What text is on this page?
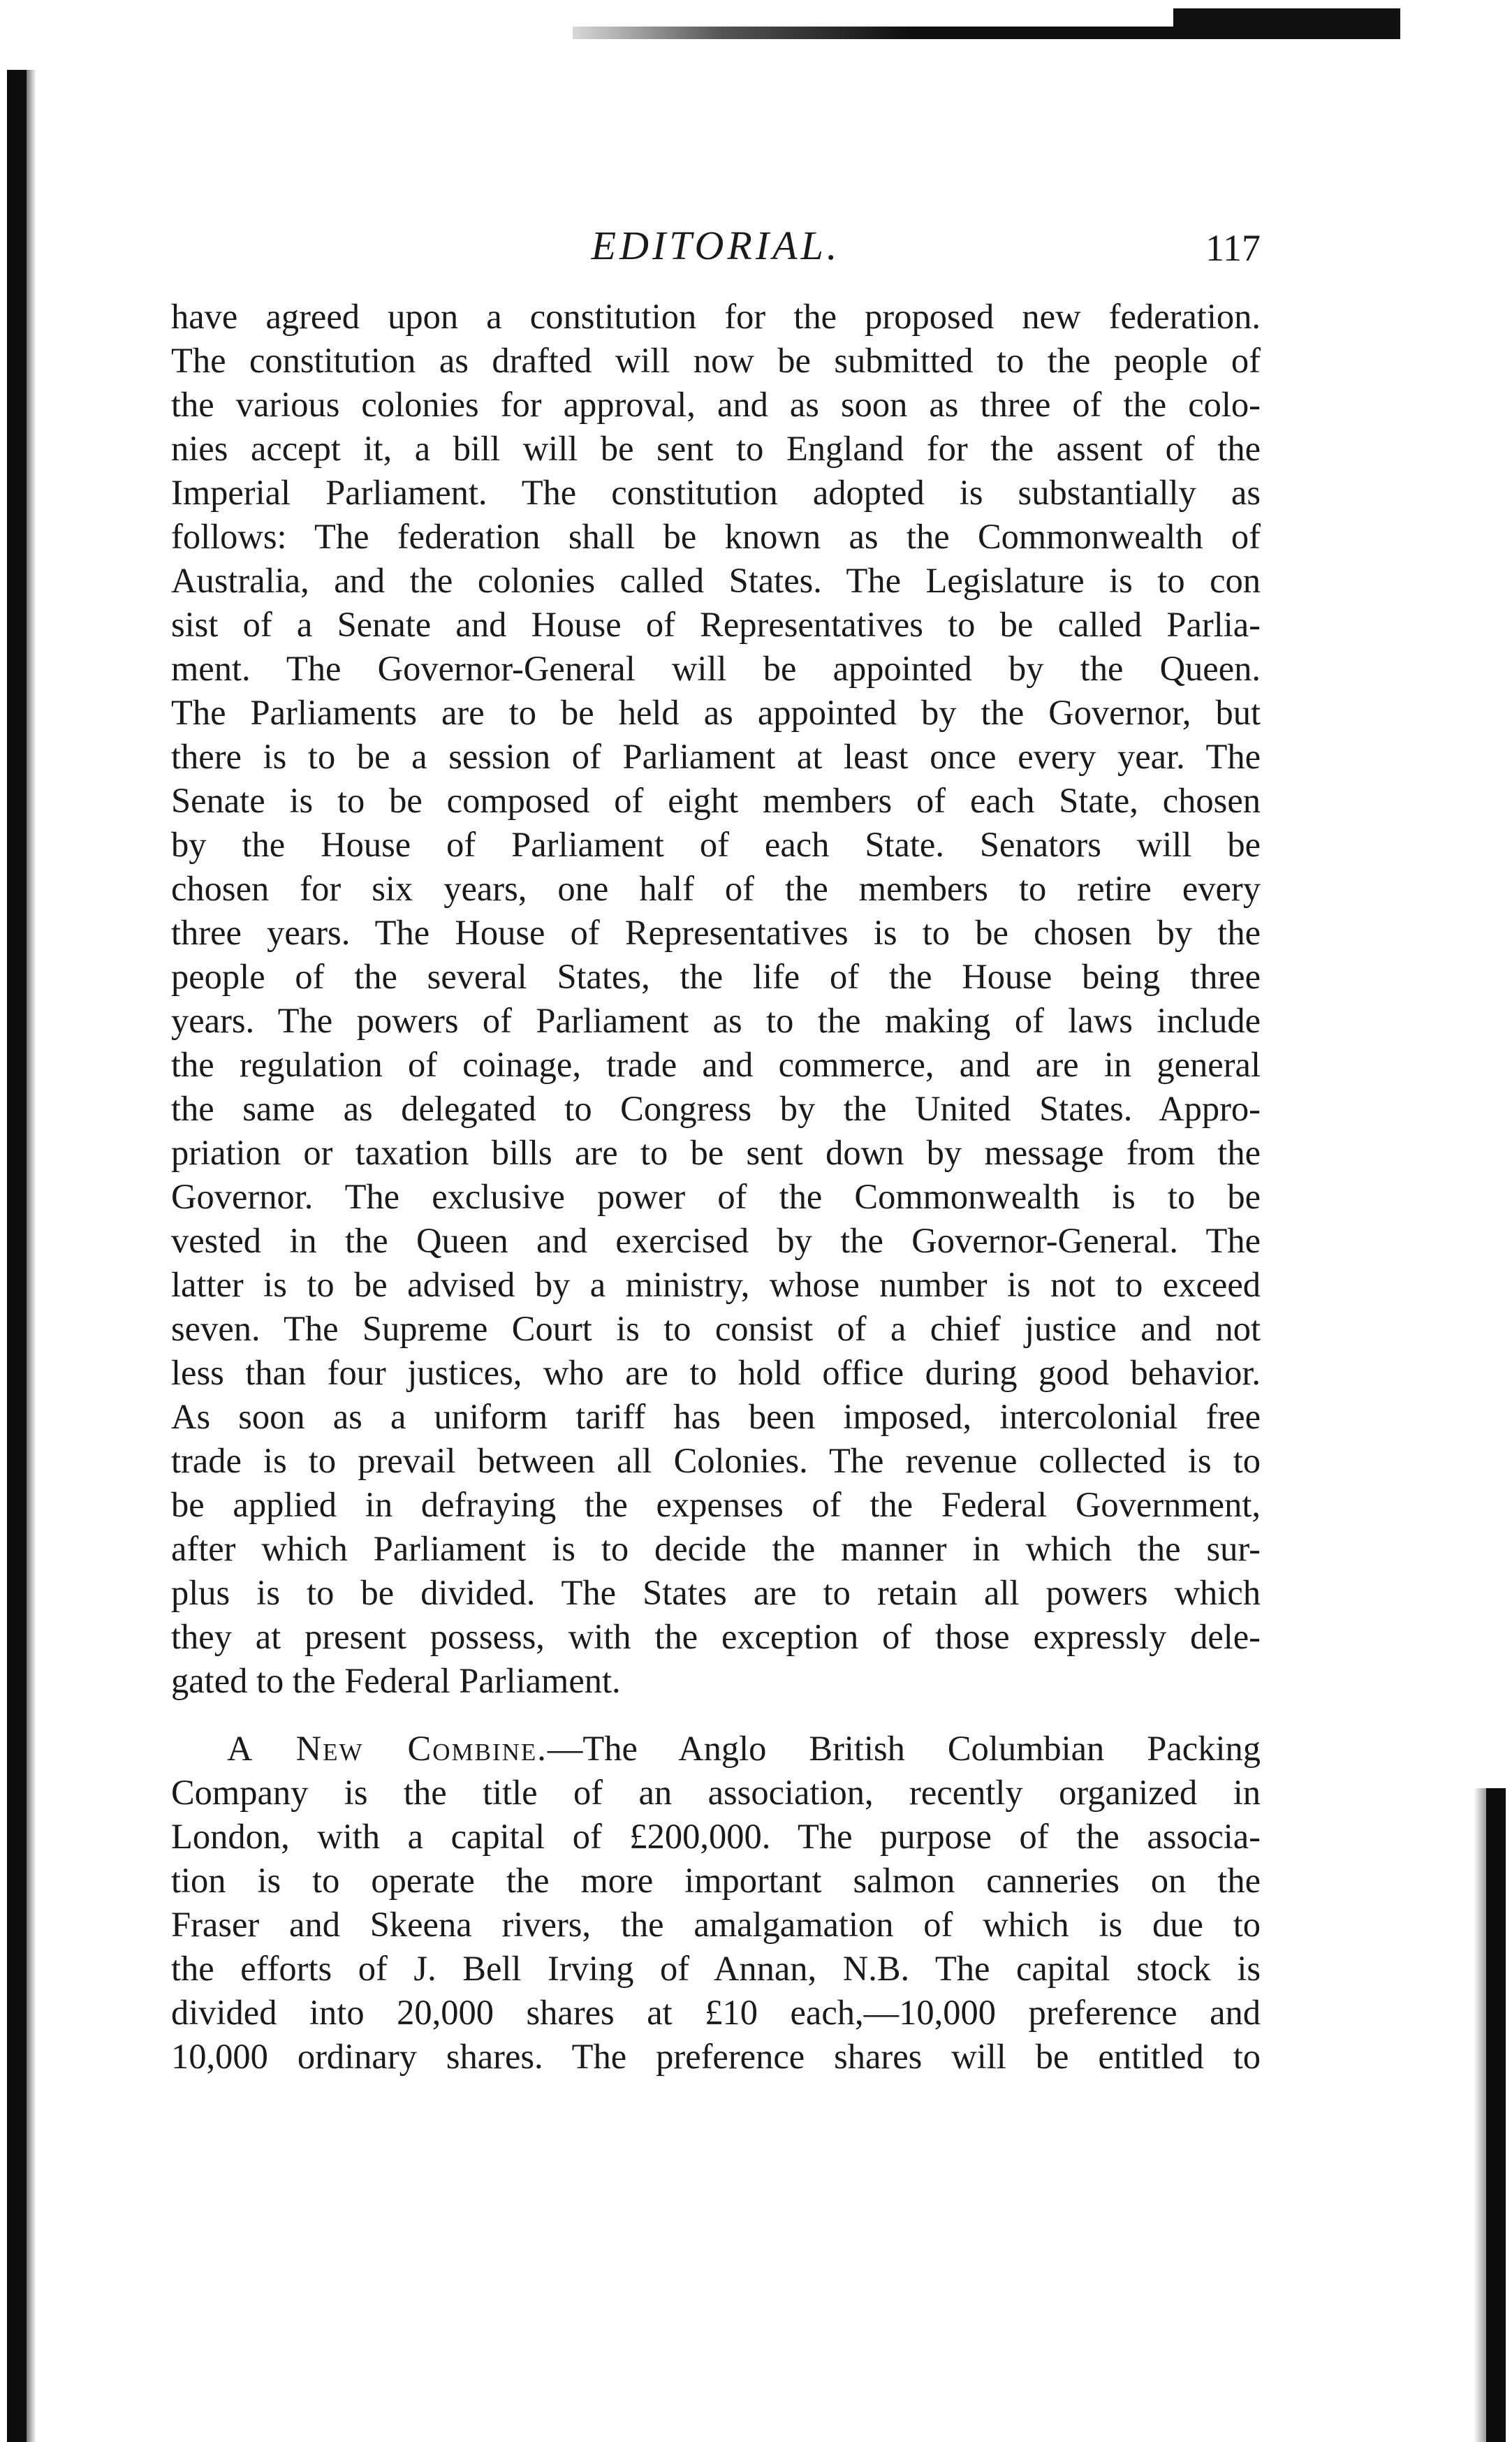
EDITORIAL.	117
have agreed upon a constitution for the proposed new federation.
The constitution as drafted will now be submitted to the people of
the various colonies for approval, and as soon as three of the colo-
nies accept it, a bill will be sent to England for the assent of the
Imperial Parliament. The constitution adopted is substantially as
follows: The federation shall be known as the Commonwealth of
Australia, and the colonies called States. The Legislature is to con
sist of a Senate and House of Representatives to be called Parlia-
ment. The Governor-General will be appointed by the Queen.
The Parliaments are to be held as appointed by the Governor, but
there is to be a session of Parliament at least once every year. The
Senate is to be composed of eight members of each State, chosen
by the House of Parliament of each State. Senators will be
chosen for six years, one half of the members to retire every
three years. The House of Representatives is to be chosen by the
people of the several States, the life of the House being three
years. The powers of Parliament as to the making of laws include
the regulation of coinage, trade and commerce, and are in general
the same as delegated to Congress by the United States. Appro-
priation or taxation bills are to be sent down by message from the
Governor. The exclusive power of the Commonwealth is to be
vested in the Queen and exercised by the Governor-General. The
latter is to be advised by a ministry, whose number is not to exceed
seven. The Supreme Court is to consist of a chief justice and not
less than four justices, who are to hold office during good behavior.
As soon as a uniform tariff has been imposed, intercolonial free
trade is to prevail between all Colonies. The revenue collected is to
be applied in defraying the expenses of the Federal Government,
after which Parliament is to decide the manner in which the sur-
plus is to be divided. The States are to retain all powers which
they at present possess, with the exception of those expressly dele-
gated to the Federal Parliament.
A New Combine.—The Anglo British Columbian Packing
Company is the title of an association, recently organized in
London, with a capital of £200,000. The purpose of the associa-
tion is to operate the more important salmon canneries on the
Fraser and Skeena rivers, the amalgamation of which is due to
the efforts of J. Bell Irving of Annan, N.B. The capital stock is
divided into 20,000 shares at £10 each,—10,000 preference and
10,000 ordinary shares. The preference shares will be entitled to
